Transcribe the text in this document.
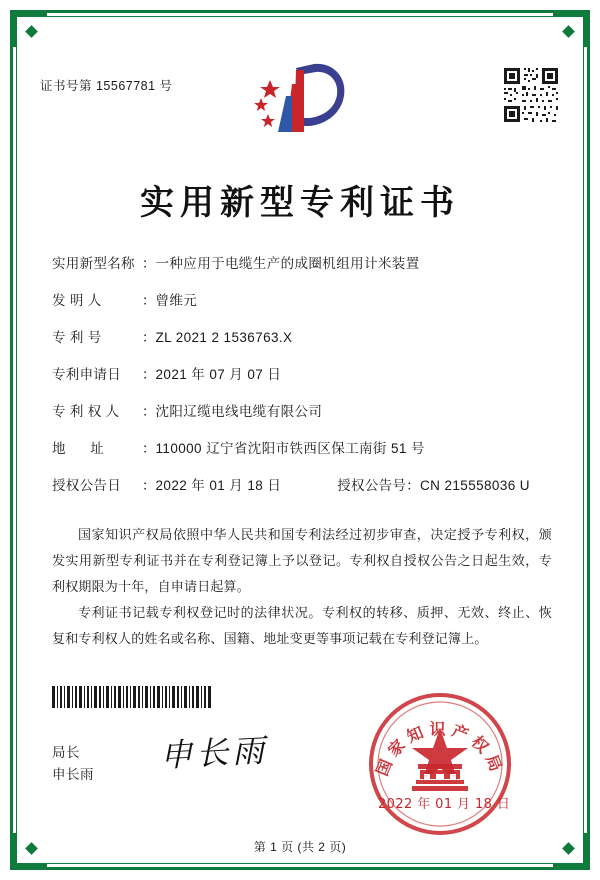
证书号第 15567781 号
实用新型专利证书
实用新型名称 ： 一种应用于电缆生产的成圈机组用计米装置
发 明 人	： 曾维元
专 利 号	： ZL 2021 2 1536763.X
专利申请日	： 2021 年 07 月 07 日
专 利 权 人	： 沈阳辽缆电线电缆有限公司
地 址	： 110000 辽宁省沈阳市铁西区保工南街 51 号
授权公告日	： 2022 年 01 月 18 日	授权公告号： CN 215558036 U
国家知识产权局依照中华人民共和国专利法经过初步审查，决定授予专利权，颁发实用新型专利证书并在专利登记簿上予以登记。专利权自授权公告之日起生效，专利权期限为十年，自申请日起算。
专利证书记载专利权登记时的法律状况。专利权的转移、质押、无效、终止、恢复和专利权人的姓名或名称、国籍、地址变更等事项记载在专利登记簿上。
局长
申长雨 申长雨	国家知识产权局
2022 年 01 月 18 日
第 1 页 (共 2 页)
